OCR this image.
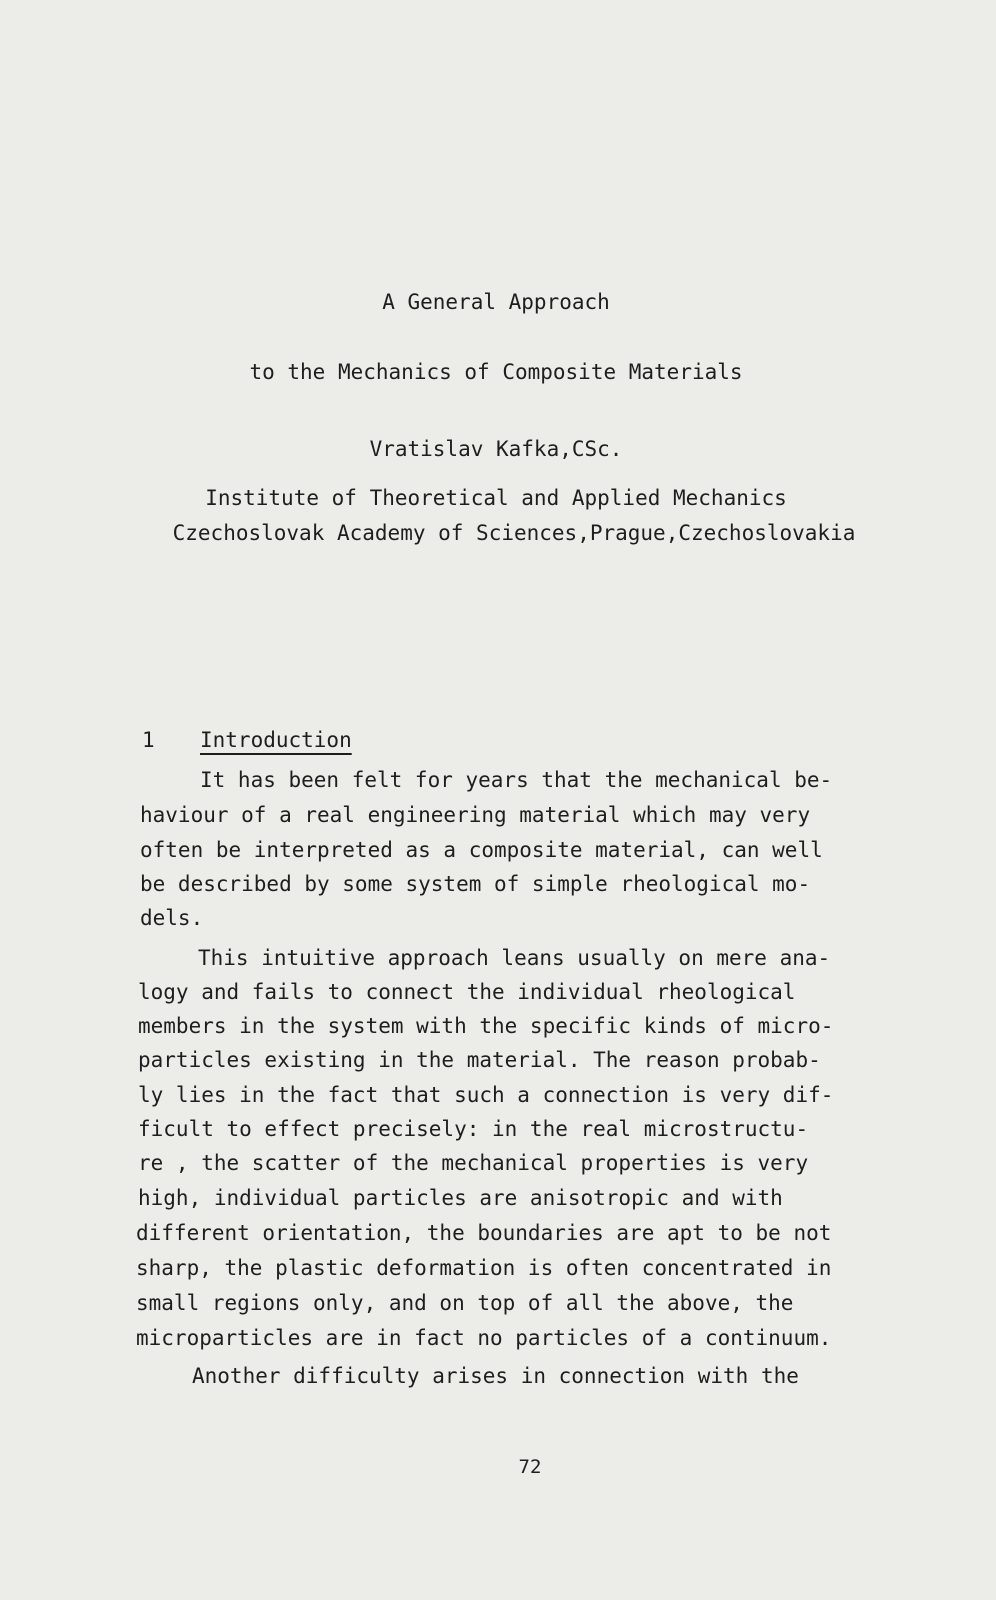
A General Approach
to the Mechanics of Composite Materials
Vratislav Kafka,CSc.
Institute of Theoretical and Applied Mechanics
Czechoslovak Academy of Sciences,Prague,Czechoslovakia
1 Introduction
It has been felt for years that the mechanical be-
haviour of a real engineering material which may very
often be interpreted as a composite material, can well
be described by some system of simple rheological mo-
dels.
This intuitive approach leans usually on mere ana-
logy and fails to connect the individual rheological
members in the system with the specific kinds of micro-
particles existing in the material. The reason probab-
ly lies in the fact that such a connection is very dif-
ficult to effect precisely: in the real microstructu-
re , the scatter of the mechanical properties is very
high, individual particles are anisotropic and with
different orientation, the boundaries are apt to be not
sharp, the plastic deformation is often concentrated in
small regions only, and on top of all the above, the
microparticles are in fact no particles of a continuum.
Another difficulty arises in connection with the
72
